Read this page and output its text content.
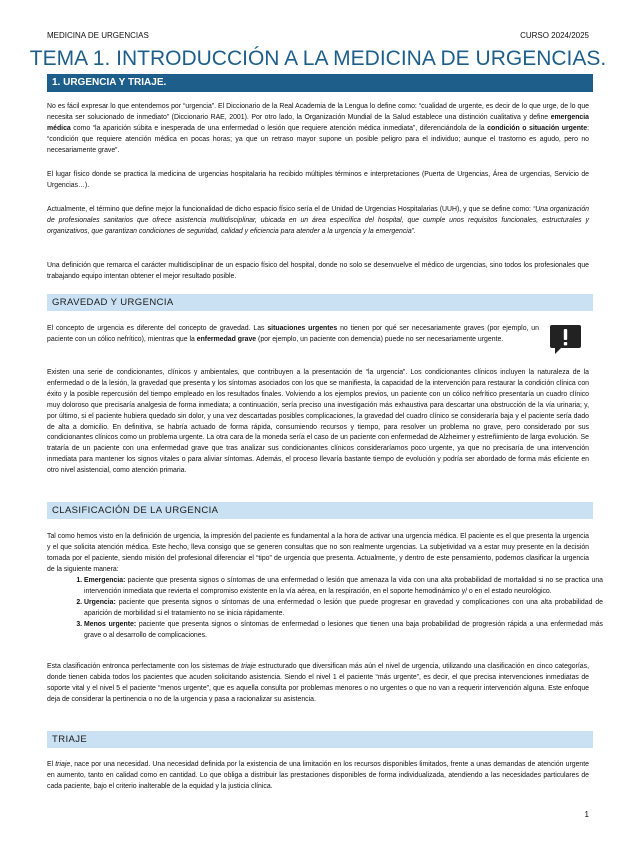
MEDICINA DE URGENCIAS	CURSO 2024/2025
TEMA 1. INTRODUCCIÓN A LA MEDICINA DE URGENCIAS.
1. URGENCIA Y TRIAJE.

No es fácil expresar lo que entendemos por “urgencia”. El Diccionario de la Real Academia de la Lengua lo define como: “cualidad de urgente, es decir de lo que urge, de lo que necesita ser solucionado de inmediato” (Diccionario RAE, 2001). Por otro lado, la Organización Mundial de la Salud establece una distinción cualitativa y define emergencia médica como “la aparición súbita e inesperada de una enfermedad o lesión que requiere atención médica inmediata”, diferenciándola de la condición o situación urgente: “condición que requiere atención médica en pocas horas; ya que un retraso mayor supone un posible peligro para el individuo; aunque el trastorno es agudo, pero no necesariamente grave”.

El lugar físico donde se practica la medicina de urgencias hospitalaria ha recibido múltiples términos e interpretaciones (Puerta de Urgencias, Área de urgencias, Servicio de Urgencias…).

Actualmente, el término que define mejor la funcionalidad de dicho espacio físico sería el de Unidad de Urgencias Hospitalarias (UUH), y que se define como: “Una organización de profesionales sanitarios que ofrece asistencia multidisciplinar, ubicada en un área específica del hospital, que cumple unos requisitos funcionales, estructurales y organizativos, que garantizan condiciones de seguridad, calidad y eficiencia para atender a la urgencia y la emergencia”.

Una definición que remarca el carácter multidisciplinar de un espacio físico del hospital, donde no solo se desenvuelve el médico de urgencias, sino todos los profesionales que trabajando equipo intentan obtener el mejor resultado posible.

GRAVEDAD Y URGENCIA

El concepto de urgencia es diferente del concepto de gravedad. Las situaciones urgentes no tienen por qué ser necesariamente graves (por ejemplo, un paciente con un cólico nefrítico), mientras que la enfermedad grave (por ejemplo, un paciente con demencia) puede no ser necesariamente urgente.

Existen una serie de condicionantes, clínicos y ambientales, que contribuyen a la presentación de “la urgencia”. Los condicionantes clínicos incluyen la naturaleza de la enfermedad o de la lesión, la gravedad que presenta y los síntomas asociados con los que se manifiesta, la capacidad de la intervención para restaurar la condición clínica con éxito y la posible repercusión del tiempo empleado en los resultados finales. Volviendo a los ejemplos previos, un paciente con un cólico nefrítico presentaría un cuadro clínico muy doloroso que precisaría analgesia de forma inmediata; a continuación, sería preciso una investigación más exhaustiva para descartar una obstrucción de la vía urinaria; y, por último, si el paciente hubiera quedado sin dolor, y una vez descartadas posibles complicaciones, la gravedad del cuadro clínico se consideraría baja y el paciente sería dado de alta a domicilio. En definitiva, se habría actuado de forma rápida, consumiendo recursos y tiempo, para resolver un problema no grave, pero considerado por sus condicionantes clínicos como un problema urgente. La otra cara de la moneda sería el caso de un paciente con enfermedad de Alzheimer y estreñimiento de larga evolución. Se trataría de un paciente con una enfermedad grave que tras analizar sus condicionantes clínicos consideraríamos poco urgente, ya que no precisaría de una intervención inmediata para mantener los signos vitales o para aliviar síntomas. Además, el proceso llevaría bastante tiempo de evolución y podría ser abordado de forma más eficiente en otro nivel asistencial, como atención primaria.

CLASIFICACIÓN DE LA URGENCIA

Tal como hemos visto en la definición de urgencia, la impresión del paciente es fundamental a la hora de activar una urgencia médica. El paciente es el que presenta la urgencia y el que solicita atención médica. Este hecho, lleva consigo que se generen consultas que no son realmente urgencias. La subjetividad va a estar muy presente en la decisión tomada por el paciente, siendo misión del profesional diferenciar el “tipo” de urgencia que presenta. Actualmente, y dentro de este pensamiento, podemos clasificar la urgencia de la siguiente manera:

1. Emergencia: paciente que presenta signos o síntomas de una enfermedad o lesión que amenaza la vida con una alta probabilidad de mortalidad si no se practica una intervención inmediata que revierta el compromiso existente en la vía aérea, en la respiración, en el soporte hemodinámico y/ o en el estado neurológico.
2. Urgencia: paciente que presenta signos o síntomas de una enfermedad o lesión que puede progresar en gravedad y complicaciones con una alta probabilidad de aparición de morbilidad si el tratamiento no se inicia rápidamente.
3. Menos urgente: paciente que presenta signos o síntomas de enfermedad o lesiones que tienen una baja probabilidad de progresión rápida a una enfermedad más grave o al desarrollo de complicaciones.

Esta clasificación entronca perfectamente con los sistemas de triaje estructurado que diversifican más aún el nivel de urgencia, utilizando una clasificación en cinco categorías, donde tienen cabida todos los pacientes que acuden solicitando asistencia. Siendo el nivel 1 el paciente “más urgente”, es decir, el que precisa intervenciones inmediatas de soporte vital y el nivel 5 el paciente “menos urgente”, que es aquella consulta por problemas menores o no urgentes o que no van a requerir intervención alguna. Este enfoque deja de considerar la pertinencia o no de la urgencia y pasa a racionalizar su asistencia.

TRIAJE

El triaje, nace por una necesidad. Una necesidad definida por la existencia de una limitación en los recursos disponibles limitados, frente a unas demandas de atención urgente en aumento, tanto en calidad como en cantidad. Lo que obliga a distribuir las prestaciones disponibles de forma individualizada, atendiendo a las necesidades particulares de cada paciente, bajo el criterio inalterable de la equidad y la justicia clínica.

1
